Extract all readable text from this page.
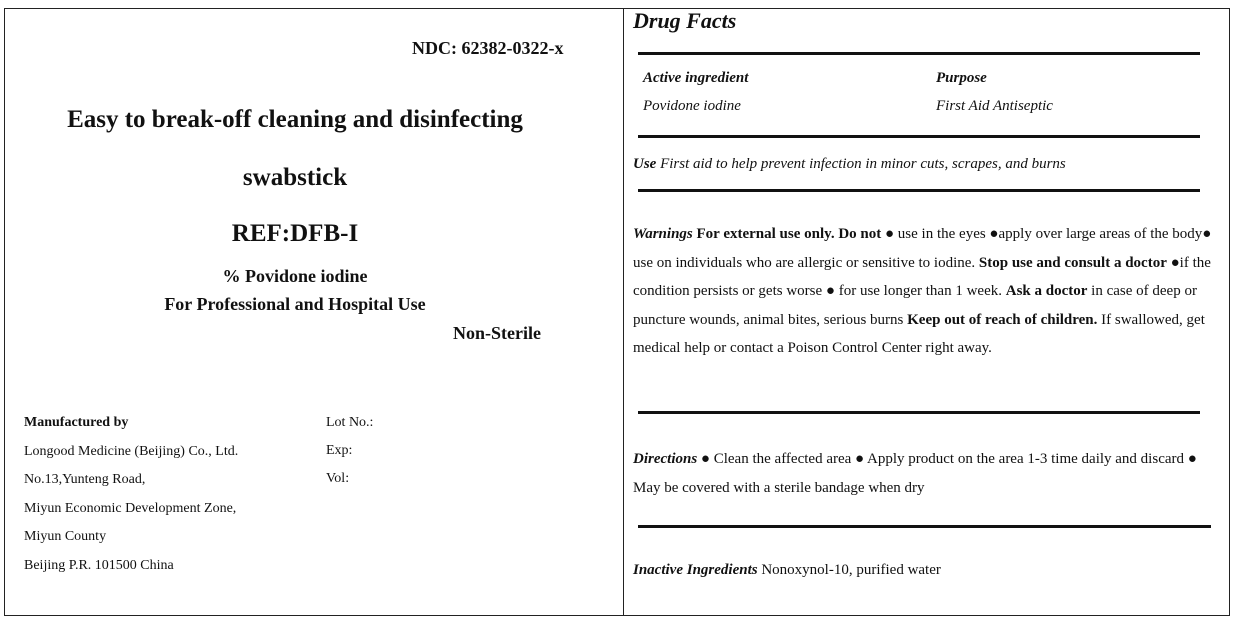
NDC: 62382-0322-x
Easy to break-off cleaning and disinfecting
swabstick
REF:DFB-I
% Povidone iodine
For Professional and Hospital Use
Non-Sterile
Manufactured by
Longood Medicine (Beijing) Co., Ltd.
No.13,Yunteng Road,
Miyun Economic Development Zone,
Miyun County
Beijing P.R. 101500 China
Lot No.:
Exp:
Vol:
Drug Facts
Active ingredient	Purpose
Povidone iodine	First Aid Antiseptic
Use First aid to help prevent infection in minor cuts, scrapes, and burns
Warnings For external use only. Do not ● use in the eyes ●apply over large areas of the body● use on individuals who are allergic or sensitive to iodine. Stop use and consult a doctor ●if the condition persists or gets worse ● for use longer than 1 week. Ask a doctor in case of deep or puncture wounds, animal bites, serious burns Keep out of reach of children. If swallowed, get medical help or contact a Poison Control Center right away.
Directions ● Clean the affected area ● Apply product on the area 1-3 time daily and discard ● May be covered with a sterile bandage when dry
Inactive Ingredients Nonoxynol-10, purified water
